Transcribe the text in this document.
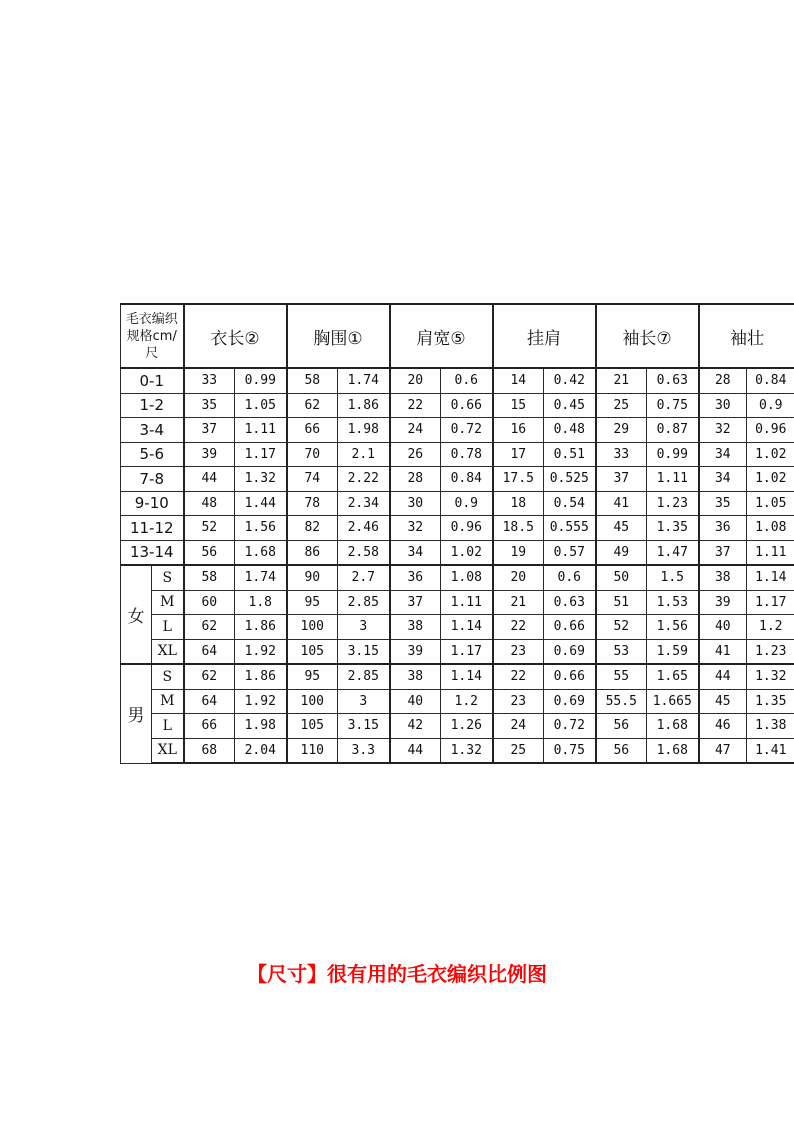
毛衣编织规格cm/尺		衣长②		胸围①		肩宽⑤		挂肩		袖长⑦		袖壮	
0-1		33	0.99	58	1.74	20	0.6	14	0.42	21	0.63	28	0.84
1-2		35	1.05	62	1.86	22	0.66	15	0.45	25	0.75	30	0.9
3-4		37	1.11	66	1.98	24	0.72	16	0.48	29	0.87	32	0.96
5-6		39	1.17	70	2.1	26	0.78	17	0.51	33	0.99	34	1.02
7-8		44	1.32	74	2.22	28	0.84	17.5	0.525	37	1.11	34	1.02
9-10		48	1.44	78	2.34	30	0.9	18	0.54	41	1.23	35	1.05
11-12		52	1.56	82	2.46	32	0.96	18.5	0.555	45	1.35	36	1.08
13-14		56	1.68	86	2.58	34	1.02	19	0.57	49	1.47	37	1.11
女	S	58	1.74	90	2.7	36	1.08	20	0.6	50	1.5	38	1.14
	M	60	1.8	95	2.85	37	1.11	21	0.63	51	1.53	39	1.17
	L	62	1.86	100	3	38	1.14	22	0.66	52	1.56	40	1.2
	XL	64	1.92	105	3.15	39	1.17	23	0.69	53	1.59	41	1.23
男	S	62	1.86	95	2.85	38	1.14	22	0.66	55	1.65	44	1.32
	M	64	1.92	100	3	40	1.2	23	0.69	55.5	1.665	45	1.35
	L	66	1.98	105	3.15	42	1.26	24	0.72	56	1.68	46	1.38
	XL	68	2.04	110	3.3	44	1.32	25	0.75	56	1.68	47	1.41

【尺寸】很有用的毛衣编织比例图
